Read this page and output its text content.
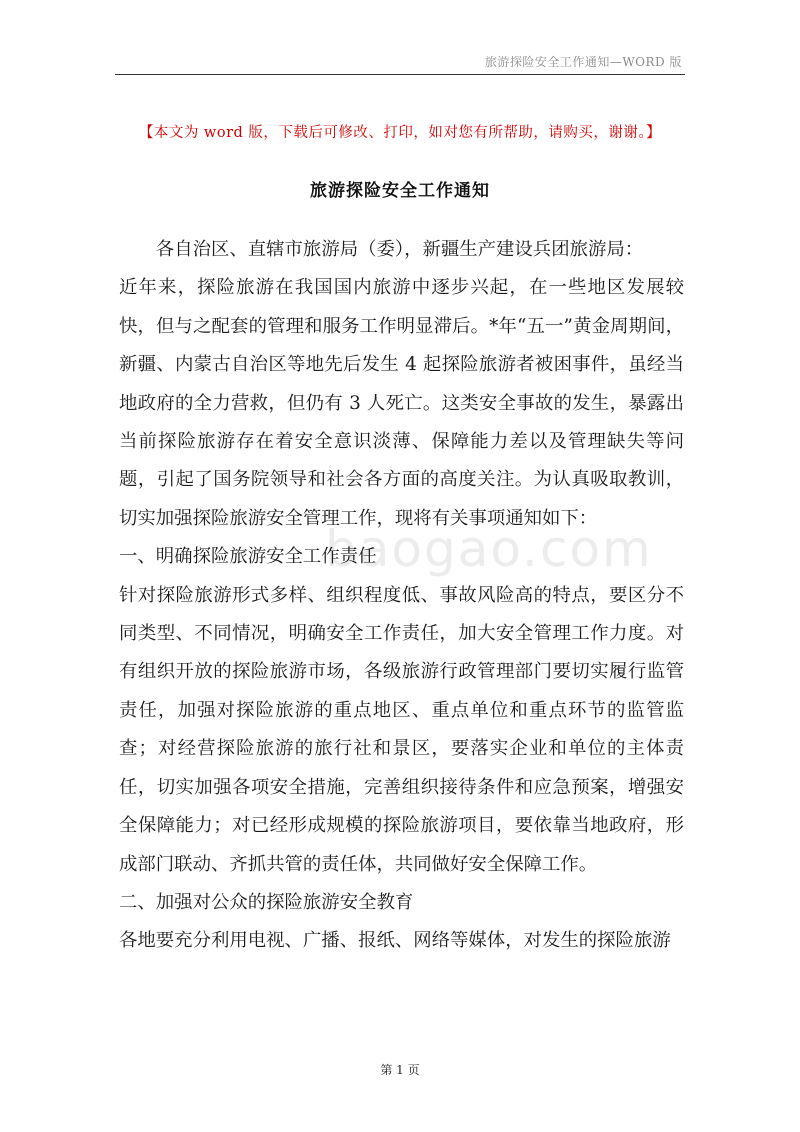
旅游探险安全工作通知—WORD 版
【本文为 word 版，下载后可修改、打印，如对您有所帮助，请购买，谢谢。】
旅游探险安全工作通知
baogao.com

各自治区、直辖市旅游局（委），新疆生产建设兵团旅游局：

近年来，探险旅游在我国国内旅游中逐步兴起，在一些地区发展较快，但与之配套的管理和服务工作明显滞后。*年“五一”黄金周期间，新疆、内蒙古自治区等地先后发生 4 起探险旅游者被困事件，虽经当地政府的全力营救，但仍有 3 人死亡。这类安全事故的发生，暴露出当前探险旅游存在着安全意识淡薄、保障能力差以及管理缺失等问题，引起了国务院领导和社会各方面的高度关注。为认真吸取教训，切实加强探险旅游安全管理工作，现将有关事项通知如下：

一、明确探险旅游安全工作责任

针对探险旅游形式多样、组织程度低、事故风险高的特点，要区分不同类型、不同情况，明确安全工作责任，加大安全管理工作力度。对有组织开放的探险旅游市场，各级旅游行政管理部门要切实履行监管责任，加强对探险旅游的重点地区、重点单位和重点环节的监管监查；对经营探险旅游的旅行社和景区，要落实企业和单位的主体责任，切实加强各项安全措施，完善组织接待条件和应急预案，增强安全保障能力；对已经形成规模的探险旅游项目，要依靠当地政府，形成部门联动、齐抓共管的责任体，共同做好安全保障工作。

二、加强对公众的探险旅游安全教育

各地要充分利用电视、广播、报纸、网络等媒体，对发生的探险旅游

第 1 页
